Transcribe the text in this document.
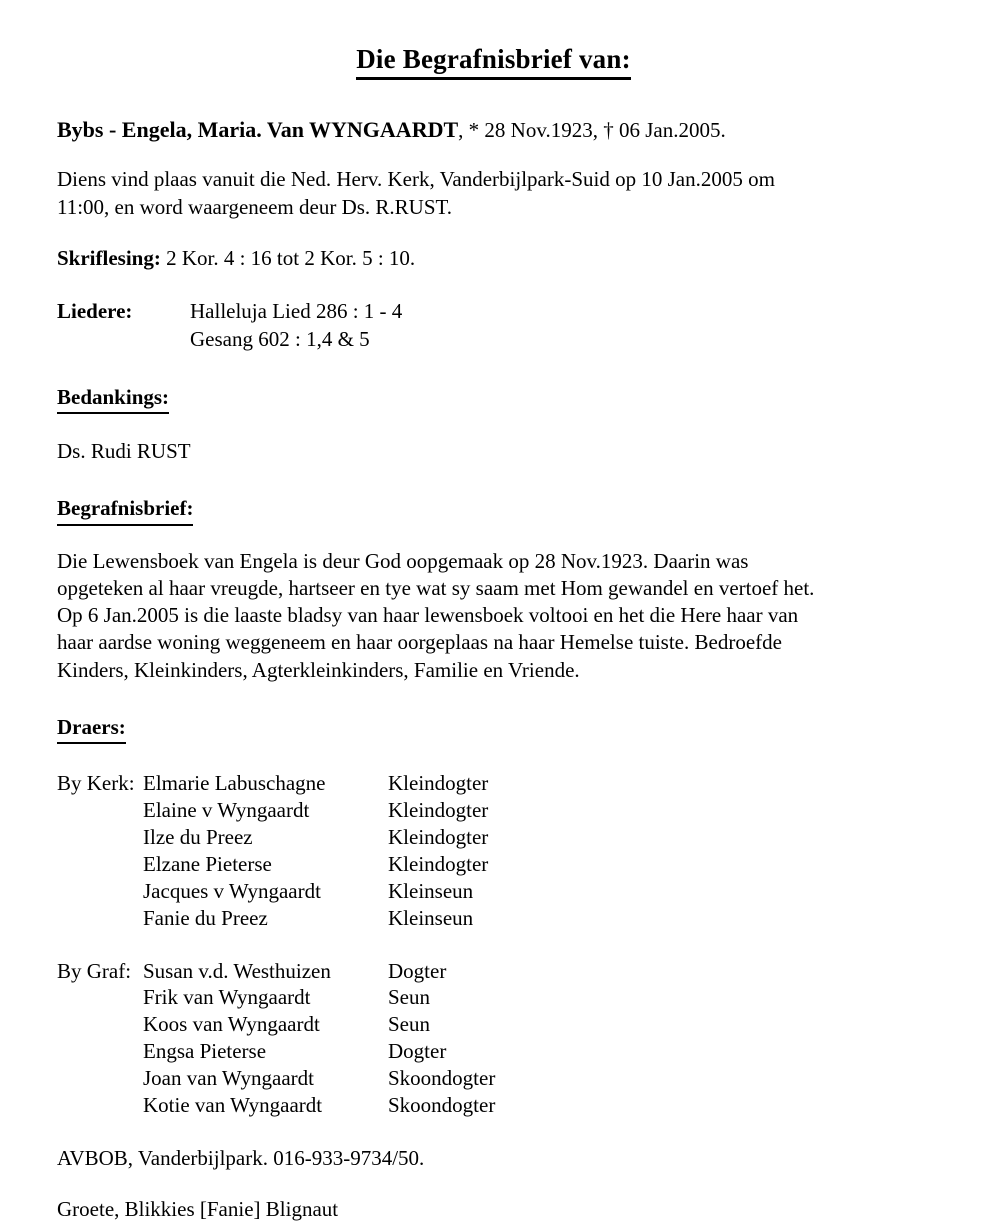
Die Begrafnisbrief van:
Bybs - Engela, Maria. Van WYNGAARDT, * 28 Nov.1923, † 06 Jan.2005.
Diens vind plaas vanuit die Ned. Herv. Kerk, Vanderbijlpark-Suid op 10 Jan.2005 om 11:00, en word waargeneem deur Ds. R.RUST.
Skriflesing: 2 Kor. 4 : 16 tot 2 Kor. 5 : 10.
Liedere:	Halleluja Lied 286 : 1 - 4
Gesang 602 : 1,4 & 5
Bedankings:
Ds. Rudi RUST
Begrafnisbrief:
Die Lewensboek van Engela is deur God oopgemaak op 28 Nov.1923. Daarin was opgeteken al haar vreugde, hartseer en tye wat sy saam met Hom gewandel en vertoef het. Op 6 Jan.2005 is die laaste bladsy van haar lewensboek voltooi en het die Here haar van haar aardse woning weggeneem en haar oorgeplaas na haar Hemelse tuiste. Bedroefde Kinders, Kleinkinders, Agterkleinkinders, Familie en Vriende.
Draers:
By Kerk: Elmarie Labuschagne	Kleindogter
Elaine v Wyngaardt	Kleindogter
Ilze du Preez	Kleindogter
Elzane Pieterse	Kleindogter
Jacques v Wyngaardt	Kleinseun
Fanie du Preez	Kleinseun
By Graf: Susan v.d. Westhuizen	Dogter
Frik van Wyngaardt	Seun
Koos van Wyngaardt	Seun
Engsa Pieterse	Dogter
Joan van Wyngaardt	Skoondogter
Kotie van Wyngaardt	Skoondogter
AVBOB, Vanderbijlpark. 016-933-9734/50.
Groete, Blikkies [Fanie] Blignaut
